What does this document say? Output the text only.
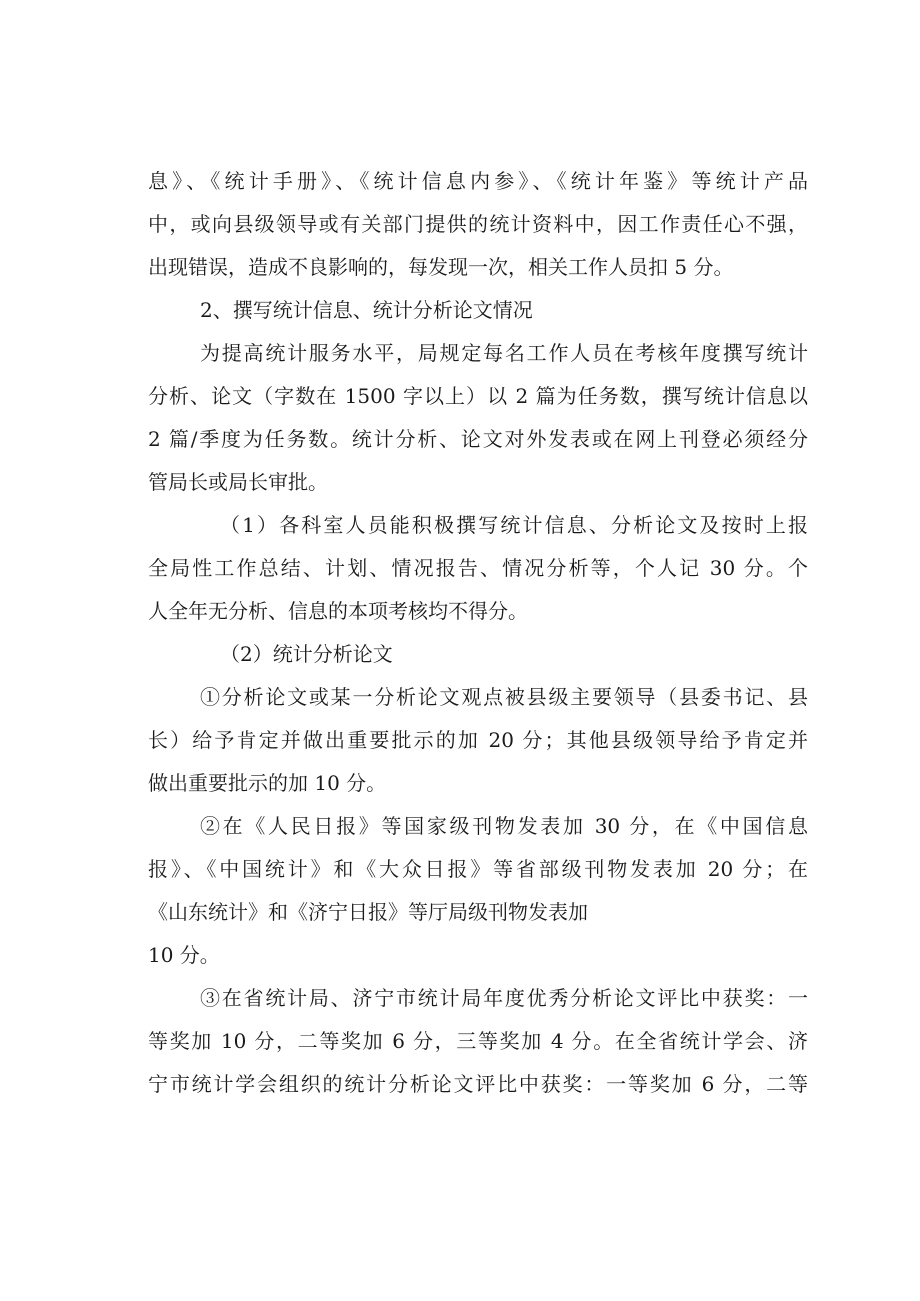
息》、《统计手册》、《统计信息内参》、《统计年鉴》等统计产品
中，或向县级领导或有关部门提供的统计资料中，因工作责任心不强，
出现错误，造成不良影响的，每发现一次，相关工作人员扣 5 分。
2、撰写统计信息、统计分析论文情况
为提高统计服务水平，局规定每名工作人员在考核年度撰写统计
分析、论文（字数在 1500 字以上）以 2 篇为任务数，撰写统计信息以
2 篇/季度为任务数。统计分析、论文对外发表或在网上刊登必须经分
管局长或局长审批。
（1）各科室人员能积极撰写统计信息、分析论文及按时上报
全局性工作总结、计划、情况报告、情况分析等，个人记 30 分。个
人全年无分析、信息的本项考核均不得分。
（2）统计分析论文
①分析论文或某一分析论文观点被县级主要领导（县委书记、县
长）给予肯定并做出重要批示的加 20 分；其他县级领导给予肯定并
做出重要批示的加 10 分。
②在《人民日报》等国家级刊物发表加 30 分，在《中国信息
报》、《中国统计》和《大众日报》等省部级刊物发表加 20 分；在
《山东统计》和《济宁日报》等厅局级刊物发表加
10 分。
③在省统计局、济宁市统计局年度优秀分析论文评比中获奖：一
等奖加 10 分，二等奖加 6 分，三等奖加 4 分。在全省统计学会、济
宁市统计学会组织的统计分析论文评比中获奖：一等奖加 6 分，二等
